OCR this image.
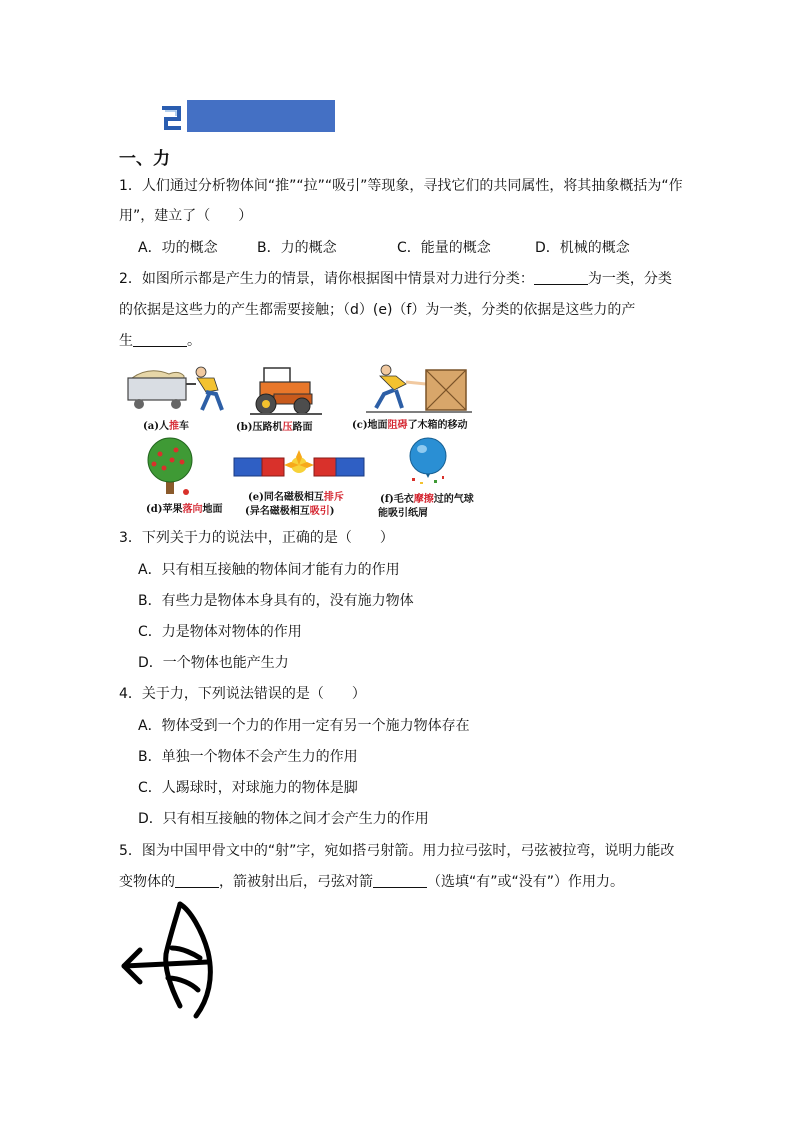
一、力
1．人们通过分析物体间“推”“拉”“吸引”等现象，寻找它们的共同属性，将其抽象概括为“作
用”，建立了（　　）
A．功的概念	B．力的概念	C．能量的概念	D．机械的概念
2．如图所示都是产生力的情景，请你根据图中情景对力进行分类：	为一类，分类
的依据是这些力的产生都需要接触；（d）(e)（f）为一类，分类的依据是这些力的产
生	。
(a)人推车	(b)压路机压路面	(c)地面阻碍了木箱的移动
(d)苹果落向地面
(e)同名磁极相互排斥
(异名磁极相互吸引)
(f)毛衣摩擦过的气球
能吸引纸屑
3．下列关于力的说法中，正确的是（　　）
A．只有相互接触的物体间才能有力的作用
B．有些力是物体本身具有的，没有施力物体
C．力是物体对物体的作用
D．一个物体也能产生力
4．关于力，下列说法错误的是（　　）
A．物体受到一个力的作用一定有另一个施力物体存在
B．单独一个物体不会产生力的作用
C．人踢球时，对球施力的物体是脚
D．只有相互接触的物体之间才会产生力的作用
5．图为中国甲骨文中的“射”字，宛如搭弓射箭。用力拉弓弦时，弓弦被拉弯，说明力能改
变物体的	，箭被射出后，弓弦对箭	（选填“有”或“没有”）作用力。
